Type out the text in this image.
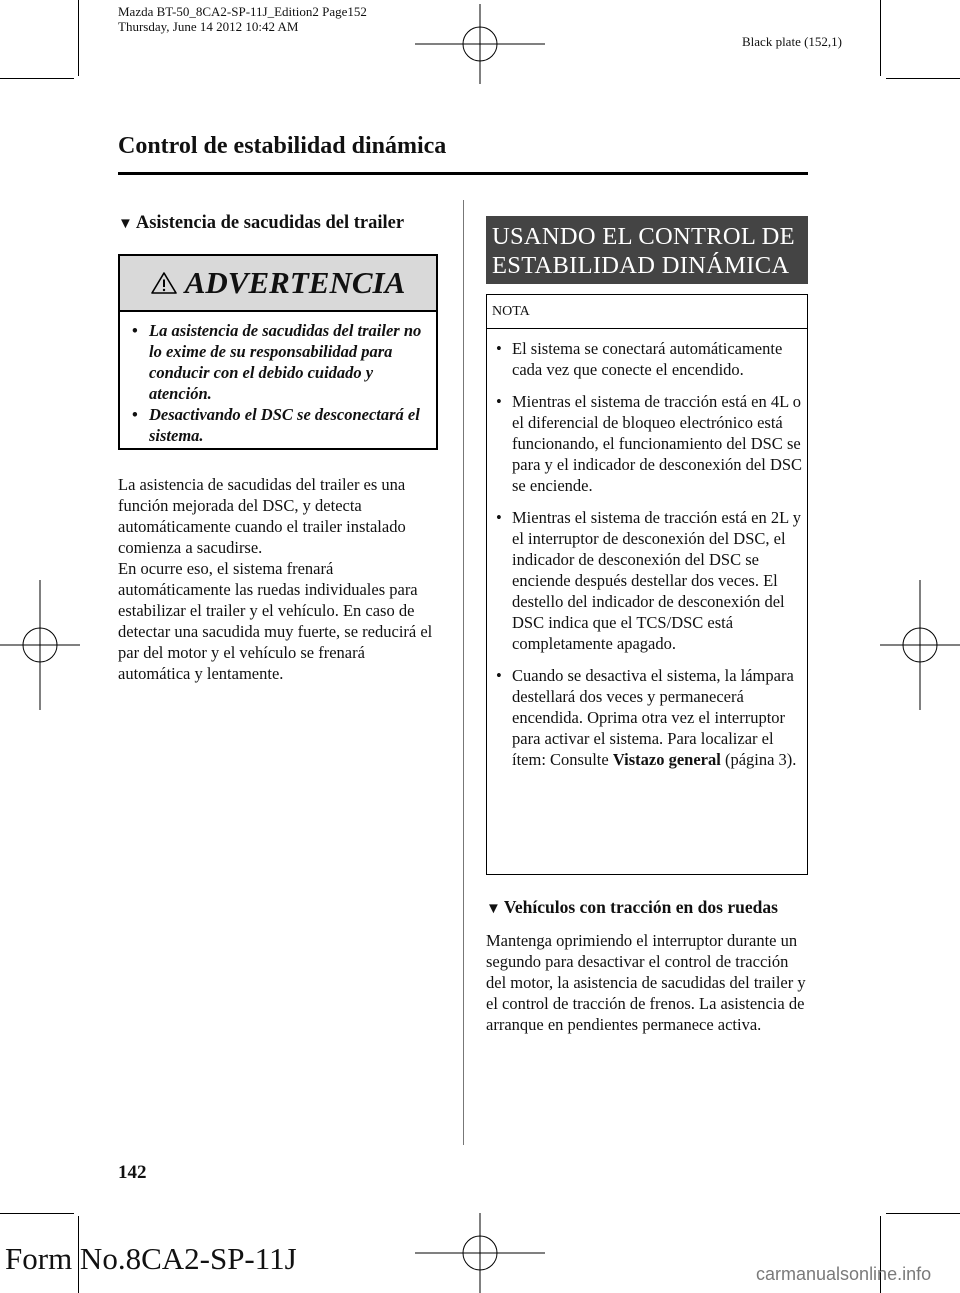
Mazda BT-50_8CA2-SP-11J_Edition2 Page152
Thursday, June 14 2012 10:42 AM
Black plate (152,1)
Control de estabilidad dinámica
▼ Asistencia de sacudidas del trailer
ADVERTENCIA
• La asistencia de sacudidas del trailer no lo exime de su responsabilidad para conducir con el debido cuidado y atención.
• Desactivando el DSC se desconectará el sistema.
La asistencia de sacudidas del trailer es una función mejorada del DSC, y detecta automáticamente cuando el trailer instalado comienza a sacudirse.
En ocurre eso, el sistema frenará automáticamente las ruedas individuales para estabilizar el trailer y el vehículo. En caso de detectar una sacudida muy fuerte, se reducirá el par del motor y el vehículo se frenará automática y lentamente.
USANDO EL CONTROL DE
ESTABILIDAD DINÁMICA
NOTA
• El sistema se conectará automáticamente cada vez que conecte el encendido.
• Mientras el sistema de tracción está en 4L o el diferencial de bloqueo electrónico está funcionando, el funcionamiento del DSC se para y el indicador de desconexión del DSC se enciende.
• Mientras el sistema de tracción está en 2L y el interruptor de desconexión del DSC, el indicador de desconexión del DSC se enciende después destellar dos veces. El destello del indicador de desconexión del DSC indica que el TCS/DSC está completamente apagado.
• Cuando se desactiva el sistema, la lámpara destellará dos veces y permanecerá encendida. Oprima otra vez el interruptor para activar el sistema. Para localizar el ítem: Consulte Vistazo general (página 3).
▼ Vehículos con tracción en dos ruedas
Mantenga oprimiendo el interruptor durante un segundo para desactivar el control de tracción del motor, la asistencia de sacudidas del trailer y el control de tracción de frenos. La asistencia de arranque en pendientes permanece activa.
142
Form No.8CA2-SP-11J	carmanualsonline.info
